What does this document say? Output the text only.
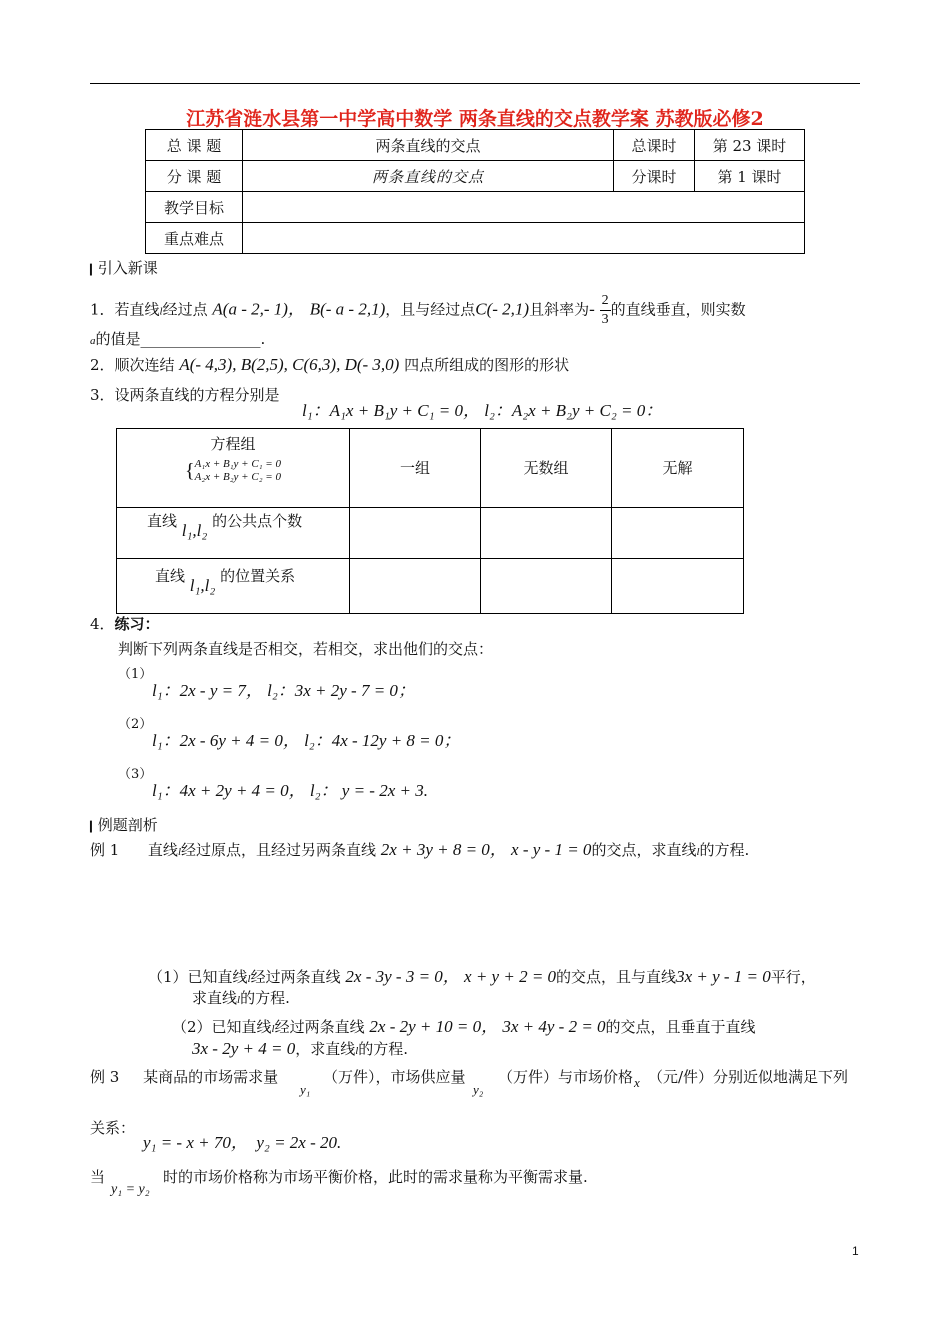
江苏省涟水县第一中学高中数学 两条直线的交点教学案 苏教版必修2
总 课 题	两条直线的交点	总课时	第 23 课时
分 课 题	两条直线的交点	分课时	第 1 课时
教学目标			
重点难点			
▎引入新课
1．若直线l经过点 A(a - 2,- 1)， B(- a - 2,1)，且与经过点C(- 2,1)且斜率为- $\frac{2}{3}$ 的直线垂直，则实数
a的值是________________.
2．顺次连结 A(- 4,3), B(2,5), C(6,3), D(- 3,0) 四点所组成的图形的形状
3．设两条直线的方程分别是
l₁：A₁x + B₁y + C₁ = 0， l₂：A₂x + B₂y + C₂ = 0：
方程组
{ A₁x + B₁y + C₁ = 0
A₂x + B₂y + C₂ = 0	一组	无数组	无解
直线 l₁,l₂ 的公共点个数			
直线 l₁,l₂ 的位置关系			
4．练习：
判断下列两条直线是否相交，若相交，求出他们的交点：
（1）
l₁：2x - y = 7， l₂：3x + 2y - 7 = 0；
（2）
l₁：2x - 6y + 4 = 0， l₂：4x - 12y + 8 = 0；
（3）
l₁：4x + 2y + 4 = 0， l₂： y = - 2x + 3.
▎例题剖析
例 1 直线l经过原点，且经过另两条直线 2x + 3y + 8 = 0， x - y - 1 = 0的交点，求直线l的方程.
（1）已知直线l经过两条直线 2x - 3y - 3 = 0， x + y + 2 = 0的交点，且与直线3x + y - 1 = 0平行，
求直线l的方程.
（2）已知直线l经过两条直线 2x - 2y + 10 = 0， 3x + 4y - 2 = 0的交点，且垂直于直线
3x - 2y + 4 = 0，求直线l的方程.
例 3 某商品的市场需求量
y₁
（万件），市场供应量
y₂
（万件）与市场价格 x （元/件）分别近似地满足下列
关系：
y₁ = - x + 70， y₂ = 2x - 20.
当
y₁ = y₂
时的市场价格称为市场平衡价格，此时的需求量称为平衡需求量.
1
